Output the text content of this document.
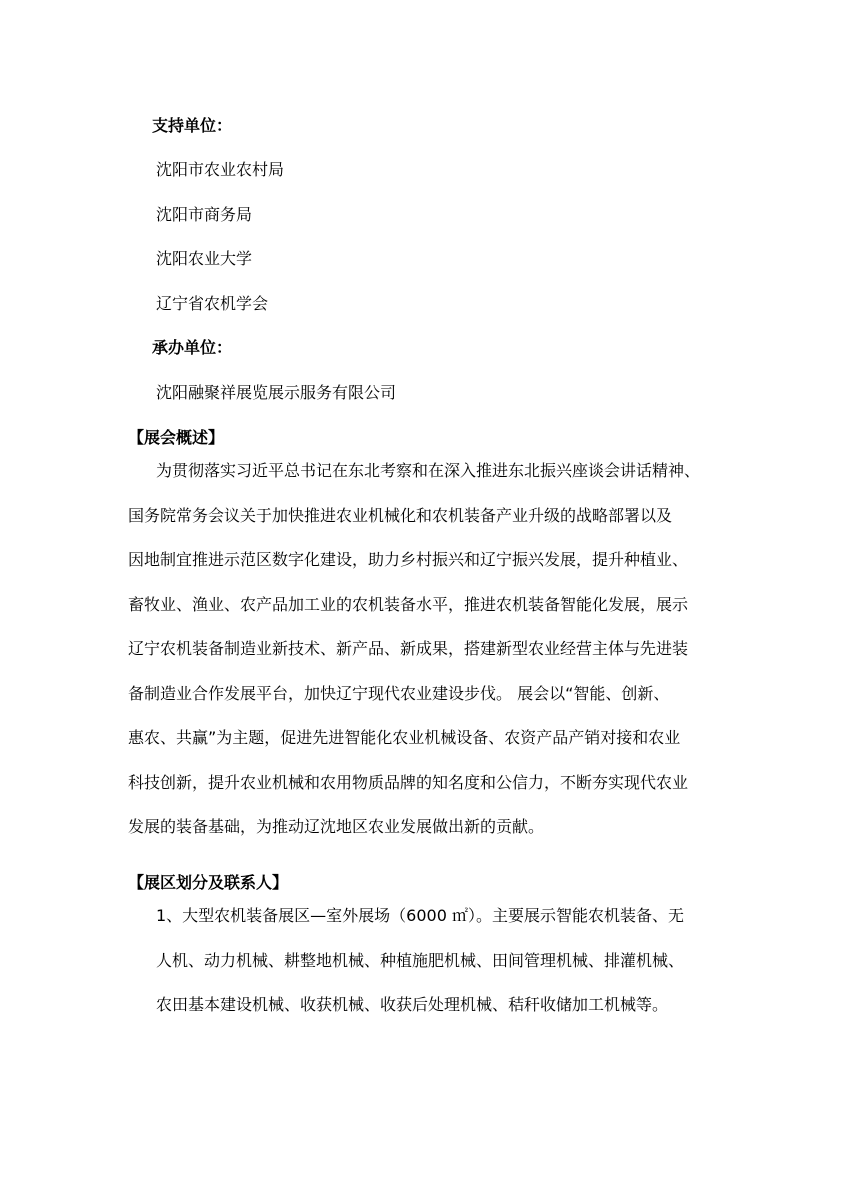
支持单位：
沈阳市农业农村局
沈阳市商务局
沈阳农业大学
辽宁省农机学会
承办单位：
沈阳融聚祥展览展示服务有限公司
【展会概述】
为贯彻落实习近平总书记在东北考察和在深入推进东北振兴座谈会讲话精神、
国务院常务会议关于加快推进农业机械化和农机装备产业升级的战略部署以及
因地制宜推进示范区数字化建设，助力乡村振兴和辽宁振兴发展，提升种植业、
畜牧业、渔业、农产品加工业的农机装备水平，推进农机装备智能化发展，展示
辽宁农机装备制造业新技术、新产品、新成果，搭建新型农业经营主体与先进装
备制造业合作发展平台，加快辽宁现代农业建设步伐。 展会以“智能、创新、
惠农、共赢”为主题，促进先进智能化农业机械设备、农资产品产销对接和农业
科技创新，提升农业机械和农用物质品牌的知名度和公信力，不断夯实现代农业
发展的装备基础，为推动辽沈地区农业发展做出新的贡献。
【展区划分及联系人】
1、大型农机装备展区—室外展场（6000 ㎡）。主要展示智能农机装备、无
人机、动力机械、耕整地机械、种植施肥机械、田间管理机械、排灌机械、
农田基本建设机械、收获机械、收获后处理机械、秸秆收储加工机械等。
